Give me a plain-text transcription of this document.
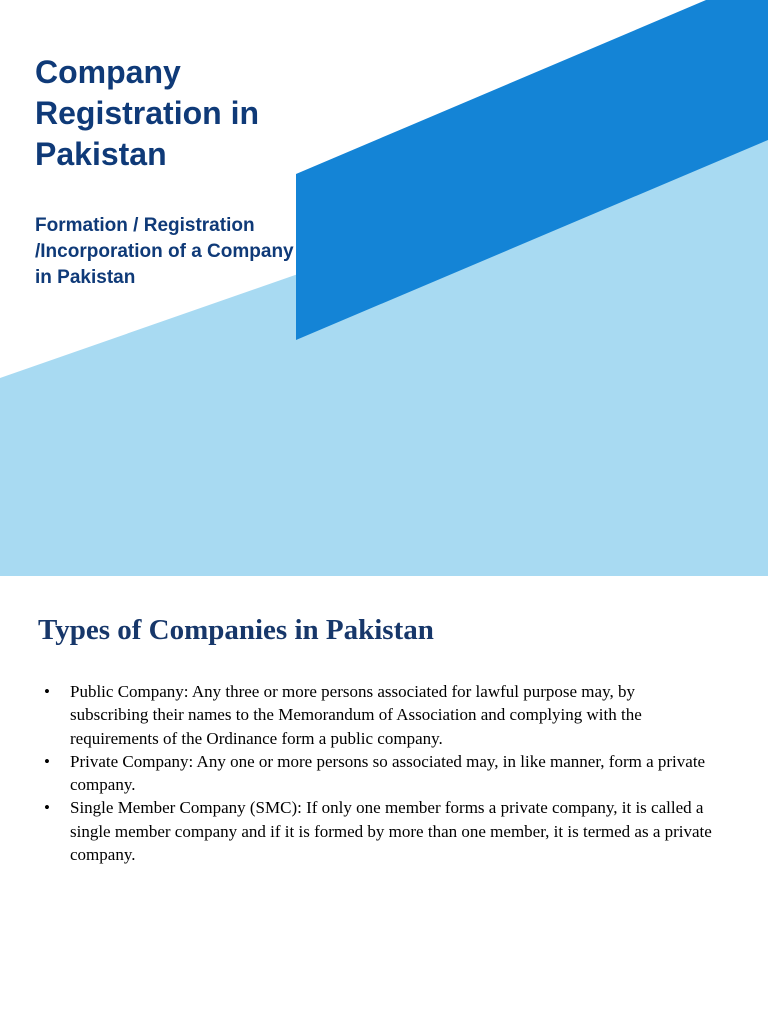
Company Registration in Pakistan
Formation / Registration /Incorporation of a Company in Pakistan
Types of Companies in Pakistan
• Public Company: Any three or more persons associated for lawful purpose may, by subscribing their names to the Memorandum of Association and complying with the requirements of the Ordinance form a public company.
• Private Company: Any one or more persons so associated may, in like manner, form a private company.
• Single Member Company (SMC): If only one member forms a private company, it is called a single member company and if it is formed by more than one member, it is termed as a private company.
